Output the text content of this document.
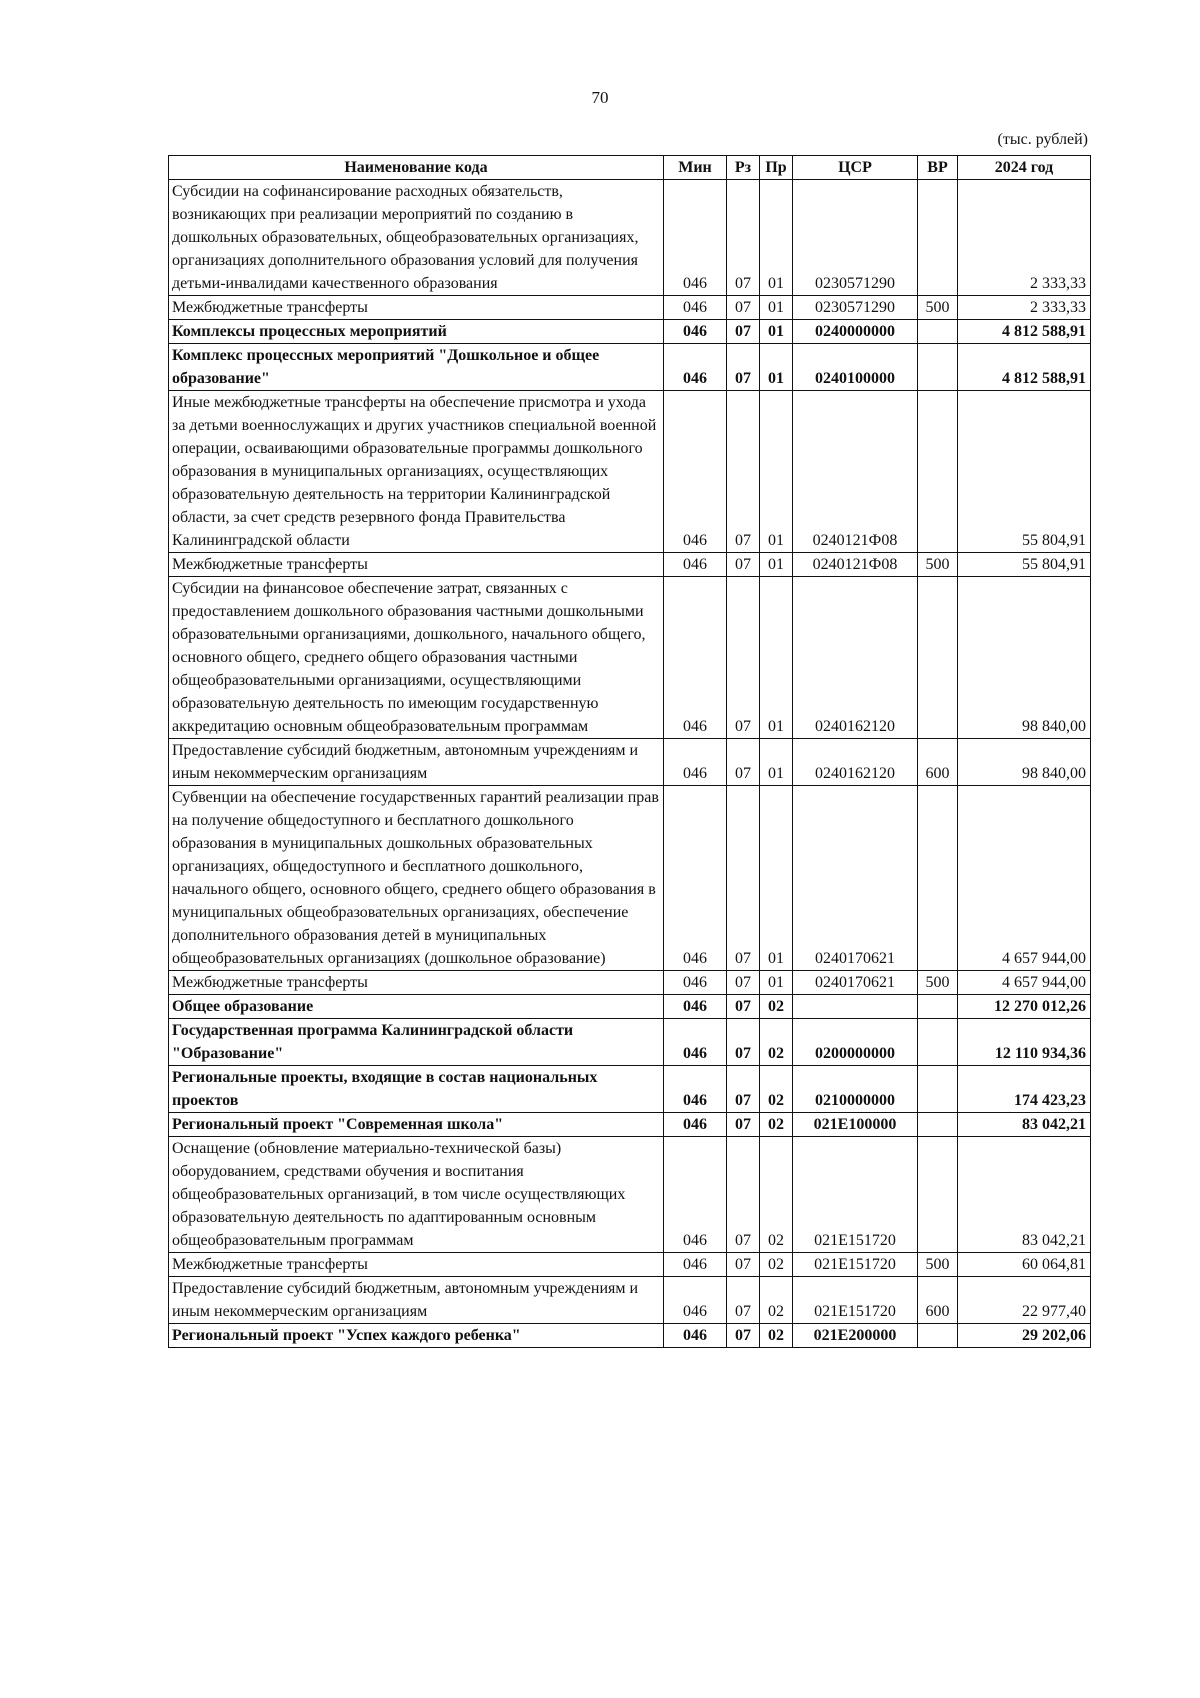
70
(тыс. рублей)
Наименование кода	Мин	Рз	Пр	ЦСР	ВР	2024 год
Субсидии на софинансирование расходных обязательств, возникающих при реализации мероприятий по созданию в дошкольных образовательных, общеобразовательных организациях, организациях дополнительного образования условий для получения детьми-инвалидами качественного образования	046	07	01	0230571290		2 333,33
Межбюджетные трансферты	046	07	01	0230571290	500	2 333,33
Комплексы процессных мероприятий	046	07	01	0240000000		4 812 588,91
Комплекс процессных мероприятий "Дошкольное и общее образование"	046	07	01	0240100000		4 812 588,91
Иные межбюджетные трансферты на обеспечение присмотра и ухода за детьми военнослужащих и других участников специальной военной операции, осваивающими образовательные программы дошкольного образования в муниципальных организациях, осуществляющих образовательную деятельность на территории Калининградской области, за счет средств резервного фонда Правительства Калининградской области	046	07	01	0240121Ф08		55 804,91
Межбюджетные трансферты	046	07	01	0240121Ф08	500	55 804,91
Субсидии на финансовое обеспечение затрат, связанных с предоставлением дошкольного образования частными дошкольными образовательными организациями, дошкольного, начального общего, основного общего, среднего общего образования частными общеобразовательными организациями, осуществляющими образовательную деятельность по имеющим государственную аккредитацию основным общеобразовательным программам	046	07	01	0240162120		98 840,00
Предоставление субсидий бюджетным, автономным учреждениям и иным некоммерческим организациям	046	07	01	0240162120	600	98 840,00
Субвенции на обеспечение государственных гарантий реализации прав на получение общедоступного и бесплатного дошкольного образования в муниципальных дошкольных образовательных организациях, общедоступного и бесплатного дошкольного, начального общего, основного общего, среднего общего образования в муниципальных общеобразовательных организациях, обеспечение дополнительного образования детей в муниципальных общеобразовательных организациях (дошкольное образование)	046	07	01	0240170621		4 657 944,00
Межбюджетные трансферты	046	07	01	0240170621	500	4 657 944,00
Общее образование	046	07	02			12 270 012,26
Государственная программа Калининградской области "Образование"	046	07	02	0200000000		12 110 934,36
Региональные проекты, входящие в состав национальных проектов	046	07	02	0210000000		174 423,23
Региональный проект "Современная школа"	046	07	02	021E100000		83 042,21
Оснащение (обновление материально-технической базы) оборудованием, средствами обучения и воспитания общеобразовательных организаций, в том числе осуществляющих образовательную деятельность по адаптированным основным общеобразовательным программам	046	07	02	021E151720		83 042,21
Межбюджетные трансферты	046	07	02	021E151720	500	60 064,81
Предоставление субсидий бюджетным, автономным учреждениям и иным некоммерческим организациям	046	07	02	021E151720	600	22 977,40
Региональный проект "Успех каждого ребенка"	046	07	02	021E200000		29 202,06
